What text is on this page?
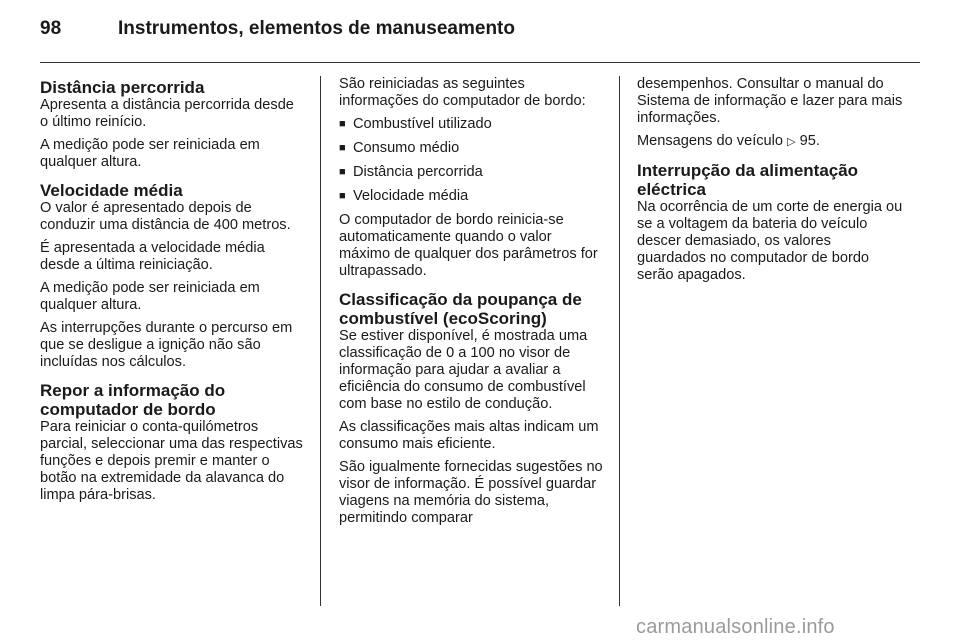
98	Instrumentos, elementos de manuseamento
Distância percorrida

Apresenta a distância percorrida desde o último reinício.

A medição pode ser reiniciada em qualquer altura.

Velocidade média

O valor é apresentado depois de conduzir uma distância de 400 metros.

É apresentada a velocidade média desde a última reiniciação.

A medição pode ser reiniciada em qualquer altura.

As interrupções durante o percurso em que se desligue a ignição não são incluídas nos cálculos.

Repor a informação do computador de bordo

Para reiniciar o conta-quilómetros parcial, seleccionar uma das respectivas funções e depois premir e manter o botão na extremidade da alavanca do limpa pára-brisas.

São reiniciadas as seguintes informações do computador de bordo:

■ Combustível utilizado
■ Consumo médio
■ Distância percorrida
■ Velocidade média

O computador de bordo reinicia-se automaticamente quando o valor máximo de qualquer dos parâmetros for ultrapassado.

Classificação da poupança de combustível (ecoScoring)

Se estiver disponível, é mostrada uma classificação de 0 a 100 no visor de informação para ajudar a avaliar a eficiência do consumo de combustível com base no estilo de condução.

As classificações mais altas indicam um consumo mais eficiente.

São igualmente fornecidas sugestões no visor de informação. É possível guardar viagens na memória do sistema, permitindo comparar

desempenhos. Consultar o manual do Sistema de informação e lazer para mais informações.

Mensagens do veículo ▷ 95.

Interrupção da alimentação eléctrica

Na ocorrência de um corte de energia ou se a voltagem da bateria do veículo descer demasiado, os valores guardados no computador de bordo serão apagados.

carmanualsonline.info
